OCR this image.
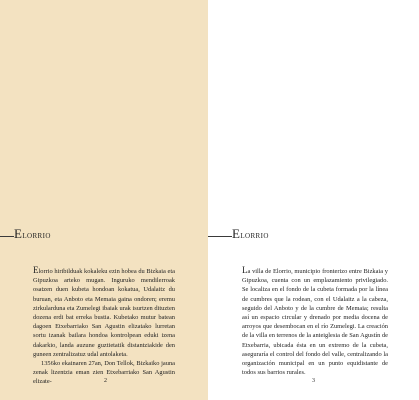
Elorrio

Elorrio hiribilduak kokaleku ezin hobea du Bizkaia eta Gipuzkoa arteko mugan. Inguruko mendilerroak osatzen duen kubeta hondoan kokatua, Udalaitz du buruan, eta Anboto eta Memaia gaina ondoren; eremu zirkularduna eta Zumelegi ibaiak urak isurtzen dituzten dozena erdi bat erreka bustia. Kubetako mutur batean dagoen Etxebarriako San Agustin elizatako lurretan sortu izanak bailara hondoa kontrolpean eduki izena dakarkio, landa auzune guztietatik distantziakide den guneen zentralizatuz udal antolaketa.

1356ko ekainaren 27an, Don Tellok, Bizkaiko jauna zenak lizentzia eman zien Etxebarriako San Agustin elizate-	2
Elorrio

La villa de Elorrio, municipio fronterizo entre Bizkaia y Gipuzkoa, cuenta con un emplazamiento privilegiado. Se localiza en el fondo de la cubeta formada por la línea de cumbres que la rodean, con el Udalaitz a la cabeza, seguido del Anboto y de la cumbre de Memaia; resulta así un espacio circular y drenado por media docena de arroyos que desembocan en el río Zumelegi. La creación de la villa en terrenos de la anteiglesia de San Agustín de Etxebarria, ubicada ésta en un extremo de la cubeta, aseguraría el control del fondo del valle, centralizando la organización municipal en un punto equidistante de todos sus barrios rurales.

3
